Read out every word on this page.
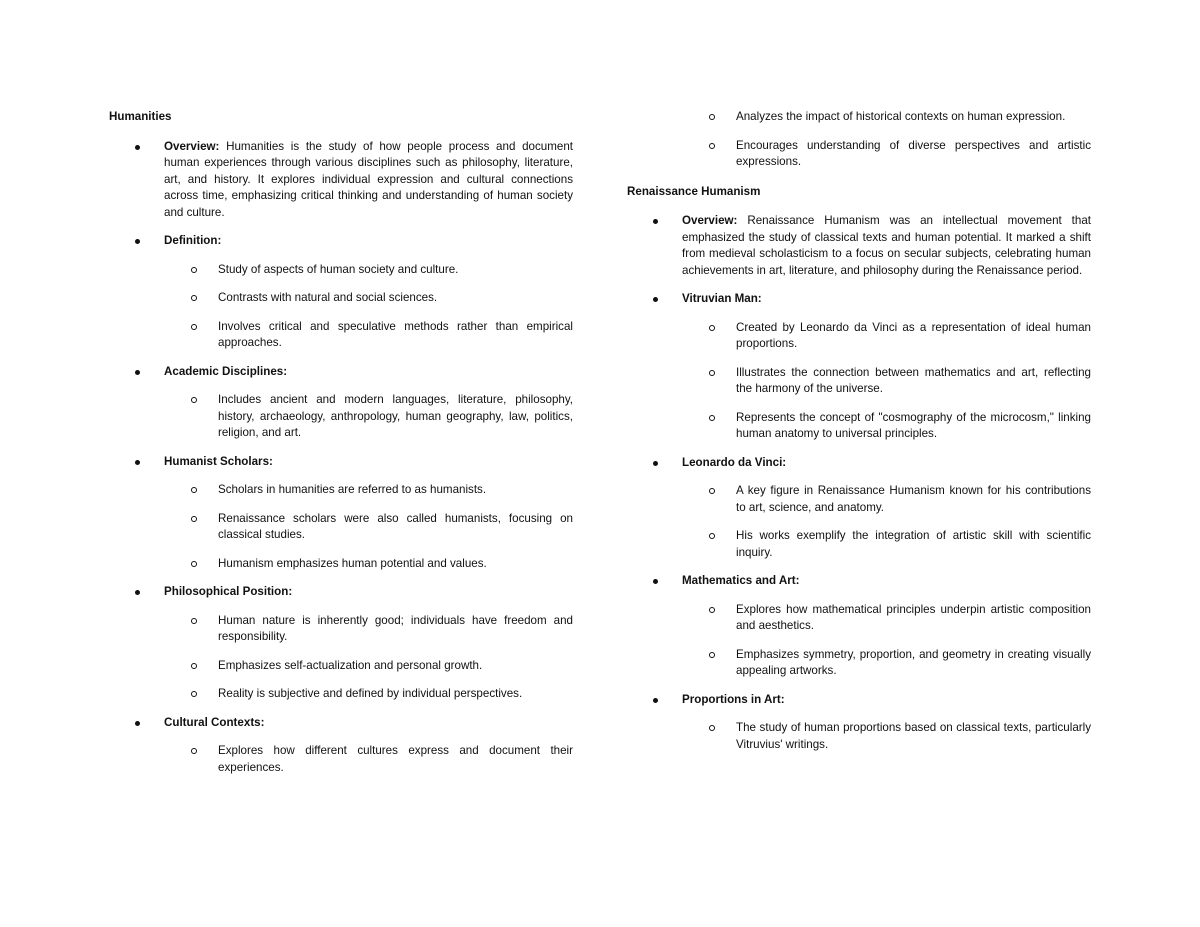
Humanities
Overview: Humanities is the study of how people process and document human experiences through various disciplines such as philosophy, literature, art, and history. It explores individual expression and cultural connections across time, emphasizing critical thinking and understanding of human society and culture.
Definition:
Study of aspects of human society and culture.
Contrasts with natural and social sciences.
Involves critical and speculative methods rather than empirical approaches.
Academic Disciplines:
Includes ancient and modern languages, literature, philosophy, history, archaeology, anthropology, human geography, law, politics, religion, and art.
Humanist Scholars:
Scholars in humanities are referred to as humanists.
Renaissance scholars were also called humanists, focusing on classical studies.
Humanism emphasizes human potential and values.
Philosophical Position:
Human nature is inherently good; individuals have freedom and responsibility.
Emphasizes self-actualization and personal growth.
Reality is subjective and defined by individual perspectives.
Cultural Contexts:
Explores how different cultures express and document their experiences.
Analyzes the impact of historical contexts on human expression.
Encourages understanding of diverse perspectives and artistic expressions.
Renaissance Humanism
Overview: Renaissance Humanism was an intellectual movement that emphasized the study of classical texts and human potential. It marked a shift from medieval scholasticism to a focus on secular subjects, celebrating human achievements in art, literature, and philosophy during the Renaissance period.
Vitruvian Man:
Created by Leonardo da Vinci as a representation of ideal human proportions.
Illustrates the connection between mathematics and art, reflecting the harmony of the universe.
Represents the concept of "cosmography of the microcosm," linking human anatomy to universal principles.
Leonardo da Vinci:
A key figure in Renaissance Humanism known for his contributions to art, science, and anatomy.
His works exemplify the integration of artistic skill with scientific inquiry.
Mathematics and Art:
Explores how mathematical principles underpin artistic composition and aesthetics.
Emphasizes symmetry, proportion, and geometry in creating visually appealing artworks.
Proportions in Art:
The study of human proportions based on classical texts, particularly Vitruvius' writings.
